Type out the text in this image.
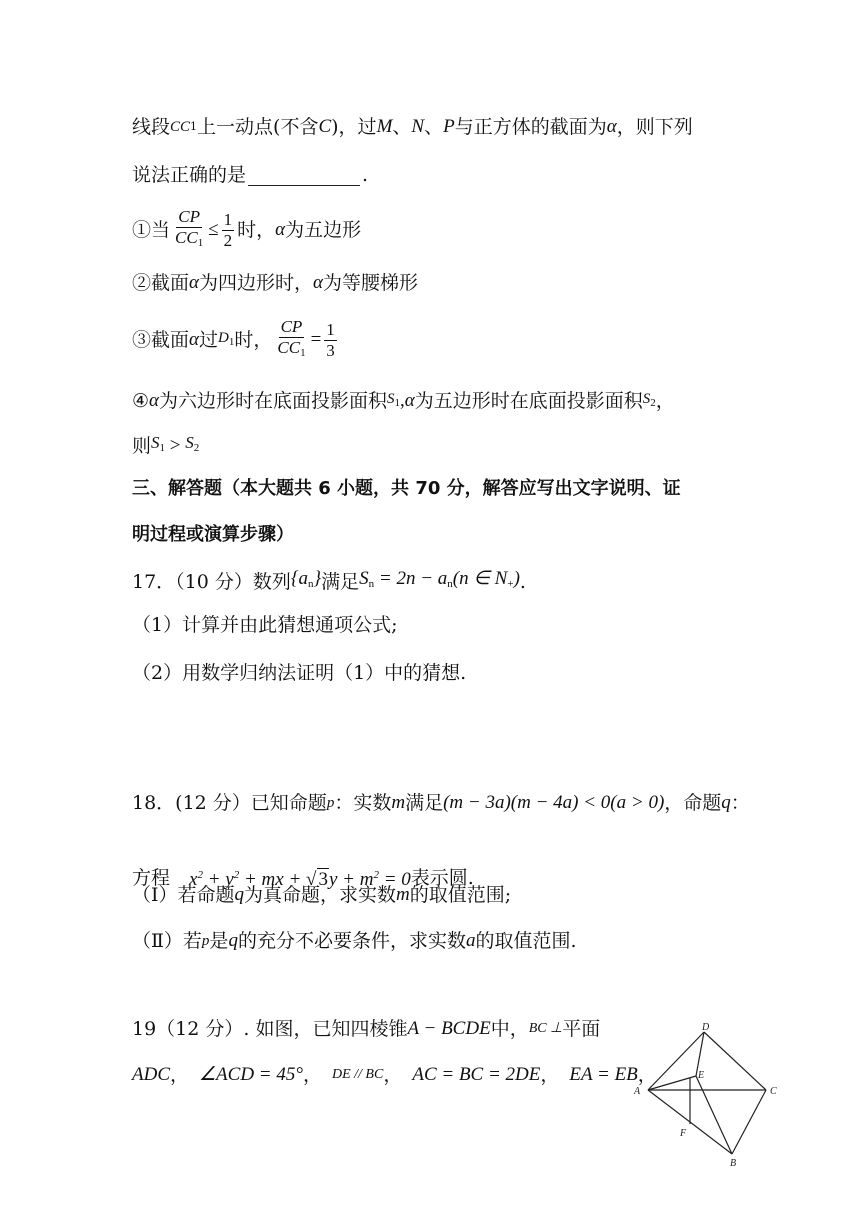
线段 CC 1 上一动点(不含 C )，过 M 、 N 、 P 与正方体的截面为 α ，则下列
说法正确的是	.
①当 $\frac{CP}{CC_1} \le \frac{1}{2}$ 时， α 为五边形
②截面 α 为四边形时， α 为等腰梯形
③截面 α 过 $D_1$ 时， $\frac{CP}{CC_1} = \frac{1}{3}$
④ α 为六边形时在底面投影面积 $S_1$ , α 为五边形时在底面投影面积 $S_2$ ，
则 $S_1 > S_2$
三、解答题（本大题共 6 小题，共 70 分，解答应写出文字说明、证
明过程或演算步骤）
17．（10 分）数列 $\{a_n\}$ 满足 $S_n = 2n - a_n(n$ ∈ $N_+$) .
（1）计算并由此猜想通项公式;
（2）用数学归纳法证明（1）中的猜想.
18．(12 分）已知命题 p ：实数 m 满足 (m − 3a)(m − 4a) < 0(a > 0) ，命题 q ：
方程	$x^2 + y^2$ + mx + √ $3y + m^2 = 0$
表示圆.
（Ⅰ）若命题 q 为真命题，求实数 m 的取值范围;
（Ⅱ）若 p 是 q 的充分不必要条件，求实数 a 的取值范围.
19（12 分）. 如图，已知四棱锥 A − BCDE 中， BC ⊥ 平面
ADC ， ∠ACD = 45° ， DE // BC ， AC = BC = 2DE ， EA = EB ，
A
B
C
D
E
F
